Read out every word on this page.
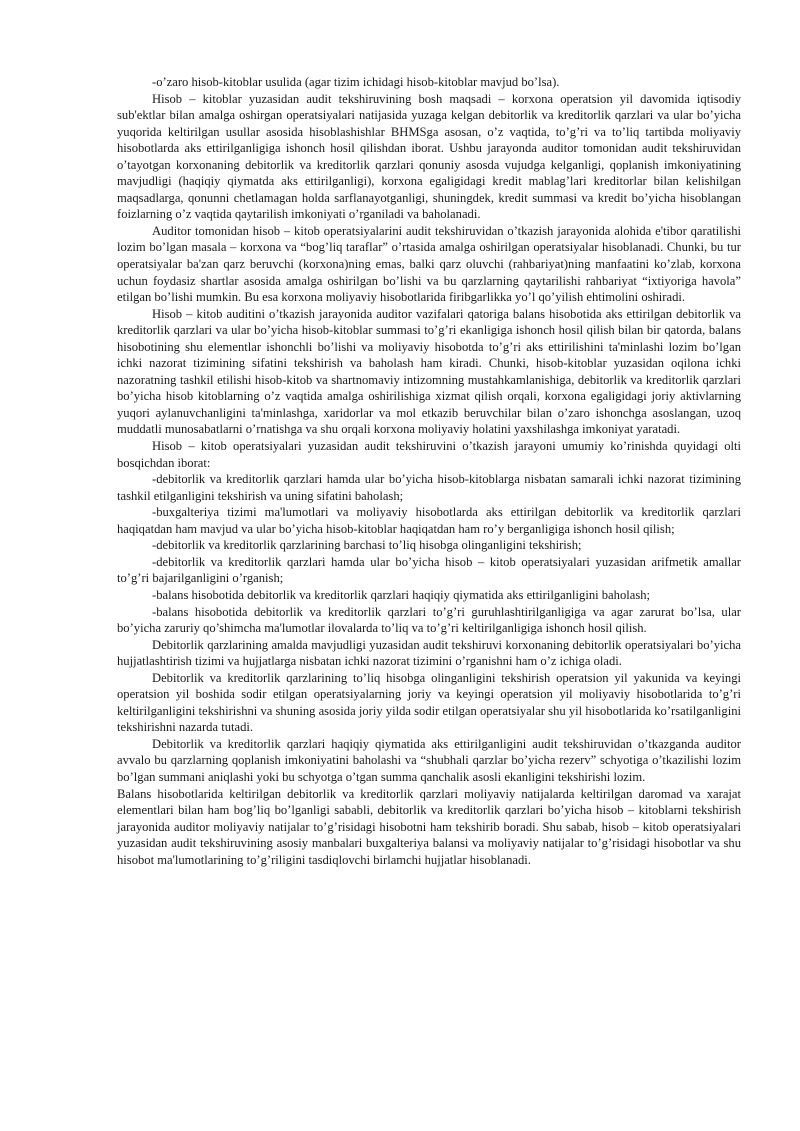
-o’zaro hisob-kitoblar usulida (agar tizim ichidagi hisob-kitoblar mavjud bo’lsa).

Hisob – kitoblar yuzasidan audit tekshiruvining bosh maqsadi – korxona operatsion yil davomida iqtisodiy sub'ektlar bilan amalga oshirgan operatsiyalari natijasida yuzaga kelgan debitorlik va kreditorlik qarzlari va ular bo’yicha yuqorida keltirilgan usullar asosida hisoblashishlar BHMSga asosan, o’z vaqtida, to’g’ri va to’liq tartibda moliyaviy hisobotlarda aks ettirilganligiga ishonch hosil qilishdan iborat. Ushbu jarayonda auditor tomonidan audit tekshiruvidan o’tayotgan korxonaning debitorlik va kreditorlik qarzlari qonuniy asosda vujudga kelganligi, qoplanish imkoniyatining mavjudligi (haqiqiy qiymatda aks ettirilganligi), korxona egaligidagi kredit mablag’lari kreditorlar bilan kelishilgan maqsadlarga, qonunni chetlamagan holda sarflanayotganligi, shuningdek, kredit summasi va kredit bo’yicha hisoblangan foizlarning o’z vaqtida qaytarilish imkoniyati o’rganiladi va baholanadi.

Auditor tomonidan hisob – kitob operatsiyalarini audit tekshiruvidan o’tkazish jarayonida alohida e'tibor qaratilishi lozim bo’lgan masala – korxona va “bog’liq taraflar” o’rtasida amalga oshirilgan operatsiyalar hisoblanadi. Chunki, bu tur operatsiyalar ba'zan qarz beruvchi (korxona)ning emas, balki qarz oluvchi (rahbariyat)ning manfaatini ko’zlab, korxona uchun foydasiz shartlar asosida amalga oshirilgan bo’lishi va bu qarzlarning qaytarilishi rahbariyat “ixtiyoriga havola” etilgan bo’lishi mumkin. Bu esa korxona moliyaviy hisobotlarida firibgarlikka yo’l qo’yilish ehtimolini oshiradi.

Hisob – kitob auditini o’tkazish jarayonida auditor vazifalari qatoriga balans hisobotida aks ettirilgan debitorlik va kreditorlik qarzlari va ular bo’yicha hisob-kitoblar summasi to’g’ri ekanligiga ishonch hosil qilish bilan bir qatorda, balans hisobotining shu elementlar ishonchli bo’lishi va moliyaviy hisobotda to’g’ri aks ettirilishini ta'minlashi lozim bo’lgan ichki nazorat tizimining sifatini tekshirish va baholash ham kiradi. Chunki, hisob-kitoblar yuzasidan oqilona ichki nazoratning tashkil etilishi hisob-kitob va shartnomaviy intizomning mustahkamlanishiga, debitorlik va kreditorlik qarzlari bo’yicha hisob kitoblarning o’z vaqtida amalga oshirilishiga xizmat qilish orqali, korxona egaligidagi joriy aktivlarning yuqori aylanuvchanligini ta'minlashga, xaridorlar va mol etkazib beruvchilar bilan o’zaro ishonchga asoslangan, uzoq muddatli munosabatlarni o’rnatishga va shu orqali korxona moliyaviy holatini yaxshilashga imkoniyat yaratadi.

Hisob – kitob operatsiyalari yuzasidan audit tekshiruvini o’tkazish jarayoni umumiy ko’rinishda quyidagi olti bosqichdan iborat:

-debitorlik va kreditorlik qarzlari hamda ular bo’yicha hisob-kitoblarga nisbatan samarali ichki nazorat tizimining tashkil etilganligini tekshirish va uning sifatini baholash;

-buxgalteriya tizimi ma'lumotlari va moliyaviy hisobotlarda aks ettirilgan debitorlik va kreditorlik qarzlari haqiqatdan ham mavjud va ular bo’yicha hisob-kitoblar haqiqatdan ham ro’y berganligiga ishonch hosil qilish;

-debitorlik va kreditorlik qarzlarining barchasi to’liq hisobga olinganligini tekshirish;

-debitorlik va kreditorlik qarzlari hamda ular bo’yicha hisob – kitob operatsiyalari yuzasidan arifmetik amallar to’g’ri bajarilganligini o’rganish;

-balans hisobotida debitorlik va kreditorlik qarzlari haqiqiy qiymatida aks ettirilganligini baholash;

-balans hisobotida debitorlik va kreditorlik qarzlari to’g’ri guruhlashtirilganligiga va agar zarurat bo’lsa, ular bo’yicha zaruriy qo’shimcha ma'lumotlar ilovalarda to’liq va to’g’ri keltirilganligiga ishonch hosil qilish.

Debitorlik qarzlarining amalda mavjudligi yuzasidan audit tekshiruvi korxonaning debitorlik operatsiyalari bo’yicha hujjatlashtirish tizimi va hujjatlarga nisbatan ichki nazorat tizimini o’rganishni ham o’z ichiga oladi.

Debitorlik va kreditorlik qarzlarining to’liq hisobga olinganligini tekshirish operatsion yil yakunida va keyingi operatsion yil boshida sodir etilgan operatsiyalarning joriy va keyingi operatsion yil moliyaviy hisobotlarida to’g’ri keltirilganligini tekshirishni va shuning asosida joriy yilda sodir etilgan operatsiyalar shu yil hisobotlarida ko’rsatilganligini tekshirishni nazarda tutadi.

Debitorlik va kreditorlik qarzlari haqiqiy qiymatida aks ettirilganligini audit tekshiruvidan o’tkazganda auditor avvalo bu qarzlarning qoplanish imkoniyatini baholashi va “shubhali qarzlar bo’yicha rezerv” schyotiga o’tkazilishi lozim bo’lgan summani aniqlashi yoki bu schyotga o’tgan summa qanchalik asosli ekanligini tekshirishi lozim.

Balans hisobotlarida keltirilgan debitorlik va kreditorlik qarzlari moliyaviy natijalarda keltirilgan daromad va xarajat elementlari bilan ham bog’liq bo’lganligi sababli, debitorlik va kreditorlik qarzlari bo’yicha hisob – kitoblarni tekshirish jarayonida auditor moliyaviy natijalar to’g’risidagi hisobotni ham tekshirib boradi. Shu sabab, hisob – kitob operatsiyalari yuzasidan audit tekshiruvining asosiy manbalari buxgalteriya balansi va moliyaviy natijalar to’g’risidagi hisobotlar va shu hisobot ma'lumotlarining to’g’riligini tasdiqlovchi birlamchi hujjatlar hisoblanadi.
